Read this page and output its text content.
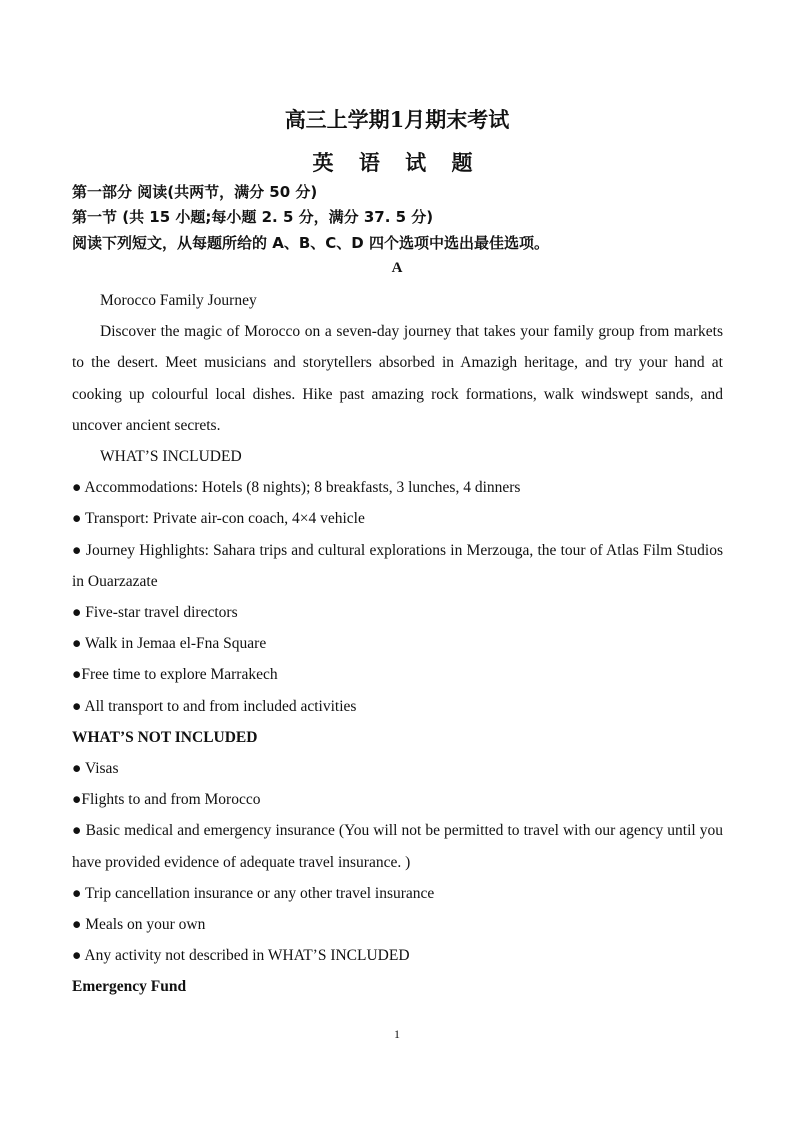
高三上学期1月期末考试
英 语 试 题
第一部分 阅读(共两节，满分 50 分)
第一节 (共 15 小题;每小题 2. 5 分，满分 37. 5 分)
阅读下列短文，从每题所给的 A、B、C、D 四个选项中选出最佳选项。
A

Morocco Family Journey

Discover the magic of Morocco on a seven-day journey that takes your family group from markets to the desert. Meet musicians and storytellers absorbed in Amazigh heritage, and try your hand at cooking up colourful local dishes. Hike past amazing rock formations, walk windswept sands, and uncover ancient secrets.

WHAT’S INCLUDED

● Accommodations: Hotels (8 nights); 8 breakfasts, 3 lunches, 4 dinners

● Transport: Private air-con coach, 4×4 vehicle

● Journey Highlights: Sahara trips and cultural explorations in Merzouga, the tour of Atlas Film Studios in Ouarzazate

● Five-star travel directors

● Walk in Jemaa el-Fna Square

●Free time to explore Marrakech

● All transport to and from included activities

WHAT’S NOT INCLUDED

● Visas

●Flights to and from Morocco

● Basic medical and emergency insurance (You will not be permitted to travel with our agency until you have provided evidence of adequate travel insurance. )

● Trip cancellation insurance or any other travel insurance

● Meals on your own

● Any activity not described in WHAT’S INCLUDED

Emergency Fund

1
